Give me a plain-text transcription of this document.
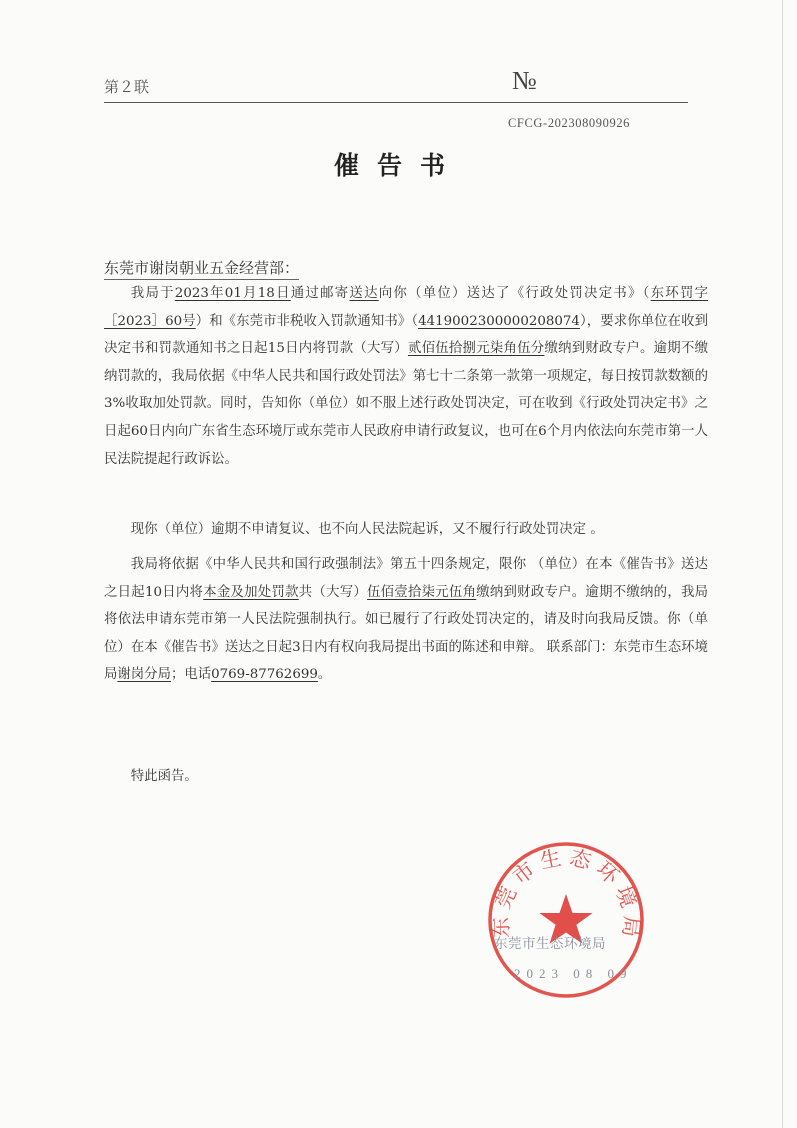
第２联	№
CFCG-202308090926
催告书
东莞市谢岗朝业五金经营部：

我局于2023年01月18日通过邮寄送达向你（单位）送达了《行政处罚决定书》（东环罚字［2023］60号）和《东莞市非税收入罚款通知书》（4419002300000208074），要求你单位在收到决定书和罚款通知书之日起15日内将罚款（大写）贰佰伍拾捌元柒角伍分缴纳到财政专户。逾期不缴纳罚款的，我局依据《中华人民共和国行政处罚法》第七十二条第一款第一项规定，每日按罚款数额的3%收取加处罚款。同时，告知你（单位）如不服上述行政处罚决定，可在收到《行政处罚决定书》之日起60日内向广东省生态环境厅或东莞市人民政府申请行政复议，也可在6个月内依法向东莞市第一人民法院提起行政诉讼。

现你（单位）逾期不申请复议、也不向人民法院起诉，又不履行行政处罚决定 。

我局将依据《中华人民共和国行政强制法》第五十四条规定，限你 （单位）在本《催告书》送达之日起10日内将本金及加处罚款共（大写）伍佰壹拾柒元伍角缴纳到财政专户。逾期不缴纳的，我局将依法申请东莞市第一人民法院强制执行。如已履行了行政处罚决定的，请及时向我局反馈。你（单位）在本《催告书》送达之日起3日内有权向我局提出书面的陈述和申辩。 联系部门：东莞市生态环境局谢岗分局；电话0769-87762699。

特此函告。
东莞市生态环境局
东莞市生态环境局
2023 08 09
